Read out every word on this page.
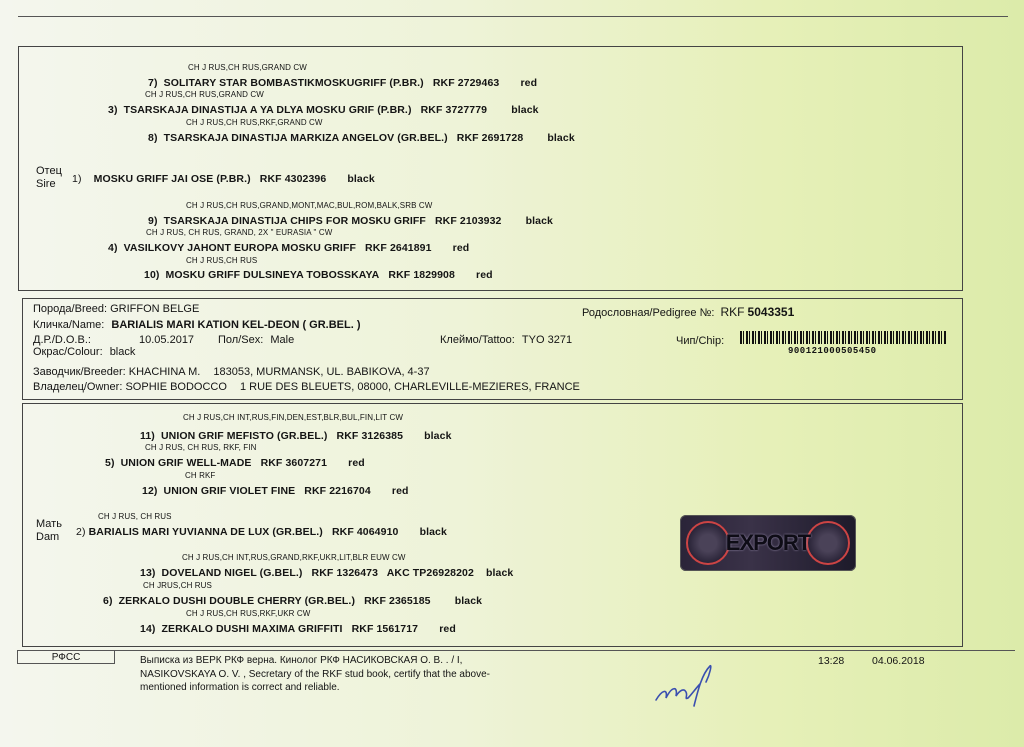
CH J RUS,CH RUS,GRAND CW
7) SOLITARY STAR BOMBASTIKMOSKUGRIFF (P.BR.) RKF 2729463 red
CH J RUS,CH RUS,GRAND CW
3) TSARSKAJA DINASTIJA A YA DLYA MOSKU GRIF (P.BR.) RKF 3727779 black
CH J RUS,CH RUS,RKF,GRAND CW
8) TSARSKAJA DINASTIJA MARKIZA ANGELOV (GR.BEL.) RKF 2691728 black
Отец
Sire 1) MOSKU GRIFF JAI OSE (P.BR.) RKF 4302396 black
CH J RUS,CH RUS,GRAND,MONT,MAC,BUL,ROM,BALK,SRB CW
9) TSARSKAJA DINASTIJA CHIPS FOR MOSKU GRIFF RKF 2103932 black
CH J RUS, CH RUS, GRAND, 2X " EURASIA " CW
4) VASILKOVY JAHONT EUROPA MOSKU GRIFF RKF 2641891 red
CH J RUS,CH RUS
10) MOSKU GRIFF DULSINEYA TOBOSSKAYA RKF 1829908 red
Порода/Breed: GRIFFON BELGE	Родословная/Pedigree №: RKF 5043351
Кличка/Name: BARIALIS MARI KATION KEL-DEON ( GR.BEL. )
Д.Р./D.O.B.:	10.05.2017 Пол/Sex: Male	Клеймо/Tattoo: TYO 3271	Чип/Chip:
900121000505450
Окрас/Colour: black
Заводчик/Breeder: KHACHINA M. 183053, MURMANSK, UL. BABIKOVA, 4-37
Владелец/Owner: SOPHIE BODOCCO 1 RUE DES BLEUETS, 08000, CHARLEVILLE-MEZIERES, FRANCE
CH J RUS,CH INT,RUS,FIN,DEN,EST,BLR,BUL,FIN,LIT CW
11) UNION GRIF MEFISTO (GR.BEL.) RKF 3126385 black
CH J RUS, CH RUS, RKF, FIN
5) UNION GRIF WELL-MADE RKF 3607271 red
CH RKF
12) UNION GRIF VIOLET FINE RKF 2216704 red
CH J RUS, CH RUS
Мать
Dam 2) BARIALIS MARI YUVIANNA DE LUX (GR.BEL.) RKF 4064910 black
CH J RUS,CH INT,RUS,GRAND,RKF,UKR,LIT,BLR EUW CW
13) DOVELAND NIGEL (G.BEL.) RKF 1326473 AKC TP26928202 black
CH JRUS,CH RUS
6) ZERKALO DUSHI DOUBLE CHERRY (GR.BEL.) RKF 2365185 black
CH J RUS,CH RUS,RKF,UKR CW
14) ZERKALO DUSHI MAXIMA GRIFFITI RKF 1561717 red
EXPORT
РФСС	Выписка из ВЕРК РКФ верна. Кинолог РКФ НАСИКОВСКАЯ О. В. . / I,
NASIKOVSKAYA O. V. , Secretary of the RKF stud book, certify that the above-
mentioned information is correct and reliable.
13:28	04.06.2018
